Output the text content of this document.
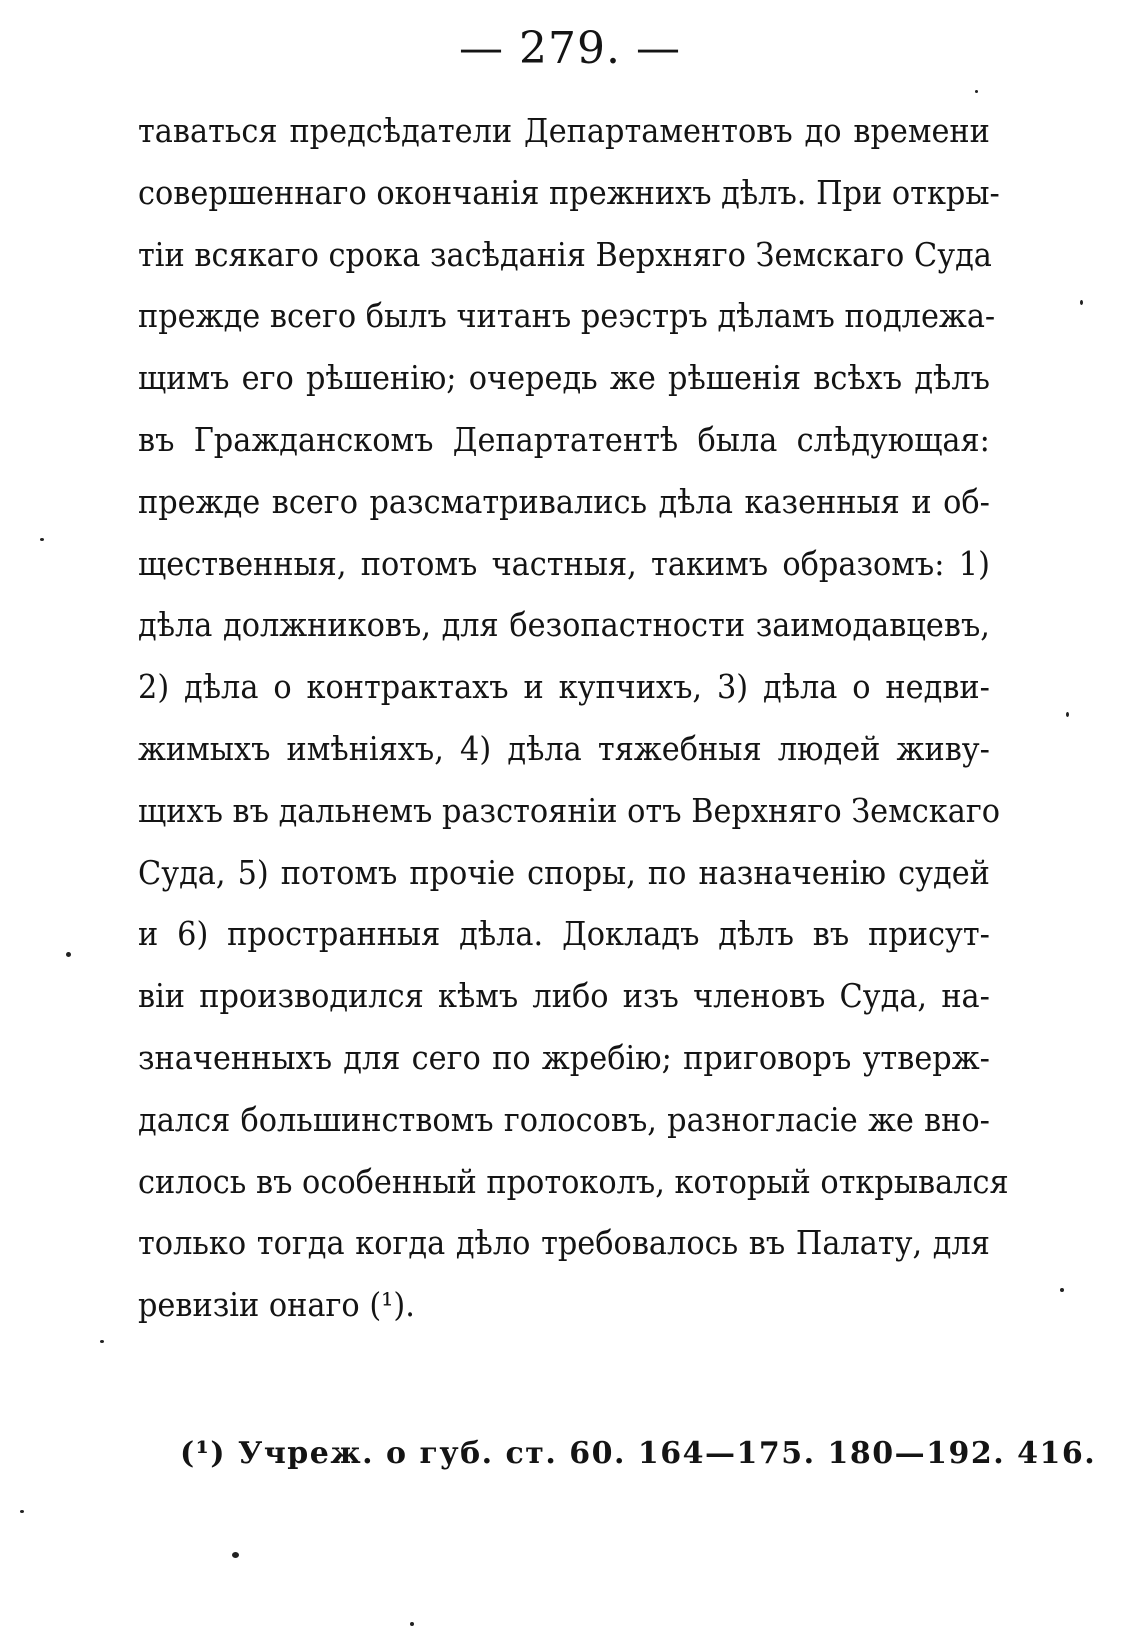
— 279. —
таваться предсѣдатели Департаментовъ до времени
совершеннаго окончанія прежнихъ дѣлъ. При откры-
тіи всякаго срока засѣданія Верхняго Земскаго Суда
прежде всего былъ читанъ реэстръ дѣламъ подлежа-
щимъ его рѣшенію; очередь же рѣшенія всѣхъ дѣлъ
въ Гражданскомъ Департатентѣ была слѣдующая:
прежде всего разсматривались дѣла казенныя и об-
щественныя, потомъ частныя, такимъ образомъ: 1)
дѣла должниковъ, для безопастности заимодавцевъ,
2) дѣла о контрактахъ и купчихъ, 3) дѣла о недви-
жимыхъ имѣніяхъ, 4) дѣла тяжебныя людей живу-
щихъ въ дальнемъ разстояніи отъ Верхняго Земскаго
Суда, 5) потомъ прочіе споры, по назначенію судей
и 6) пространныя дѣла. Докладъ дѣлъ въ присут-
віи производился кѣмъ либо изъ членовъ Суда, на-
значенныхъ для сего по жребію; приговоръ утверж-
дался большинствомъ голосовъ, разногласіе же вно-
силось въ особенный протоколъ, который открывался
только тогда когда дѣло требовалось въ Палату, для
ревизіи онаго (¹).
(¹) Учреж. о губ. ст. 60. 164—175. 180—192. 416.
